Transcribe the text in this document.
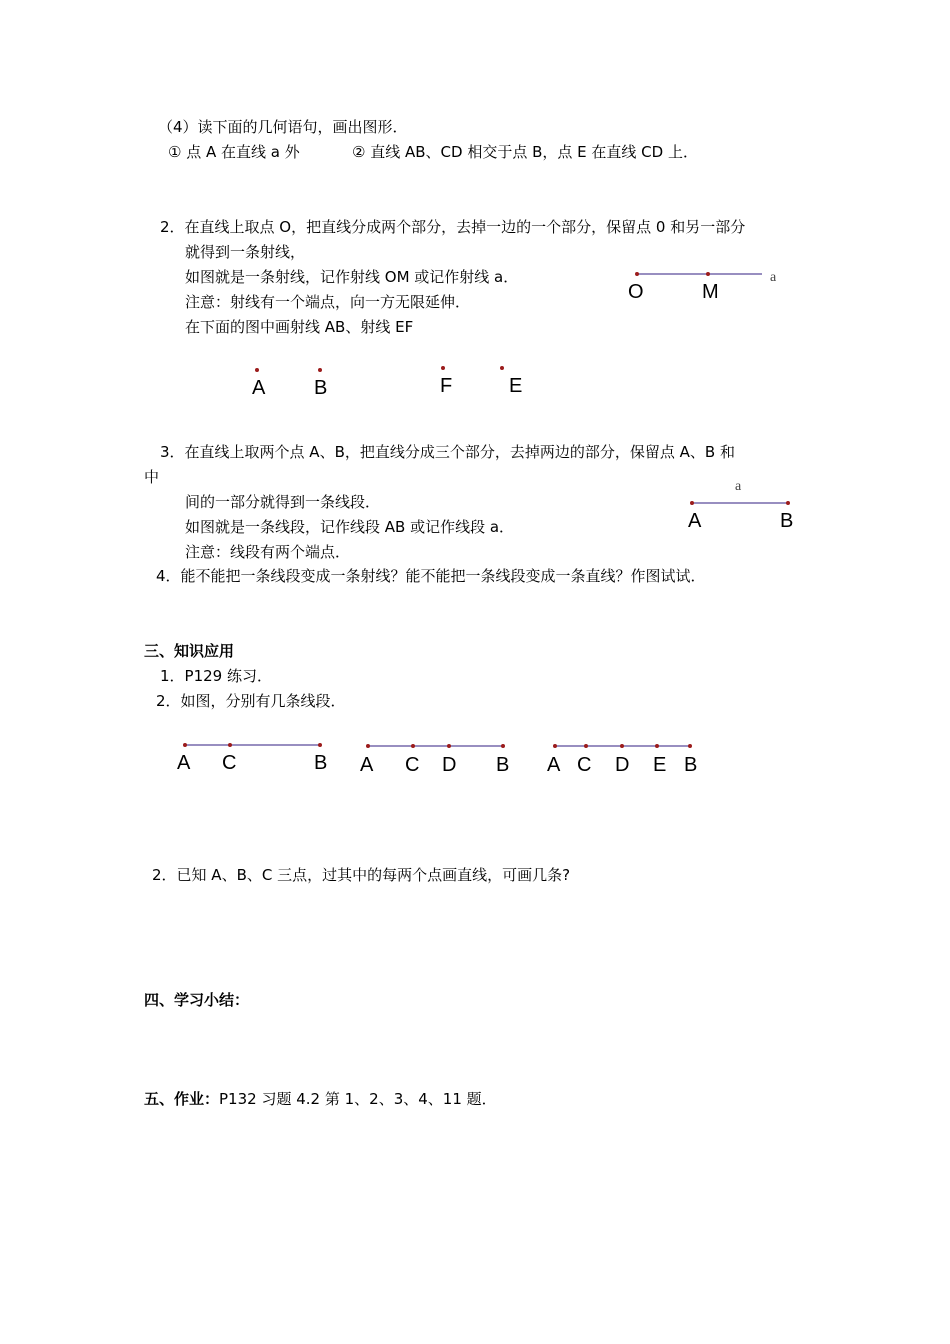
（4）读下面的几何语句，画出图形．
① 点 A 在直线 a 外	② 直线 AB、CD 相交于点 B，点 E 在直线 CD 上．
2．在直线上取点 O，把直线分成两个部分，去掉一边的一个部分，保留点 0 和另一部分
就得到一条射线，
如图就是一条射线，记作射线 OM 或记作射线 a．
注意：射线有一个端点，向一方无限延伸．
在下面的图中画射线 AB、射线 EF
O	M
a
A B	F	E
3．在直线上取两个点 A、B，把直线分成三个部分，去掉两边的部分，保留点 A、B 和
中
间的一部分就得到一条线段．
如图就是一条线段，记作线段 AB 或记作线段 a．
注意：线段有两个端点．
4．能不能把一条线段变成一条射线？能不能把一条线段变成一条直线？作图试试．
a
A	B
三、知识应用
1．P129 练习．
2．如图，分别有几条线段．
A C	B A C D B A C D E B
2．已知 A、B、C 三点，过其中的每两个点画直线，可画几条?
四、学习小结：
五、作业：P132 习题 4.2 第 1、2、3、4、11 题．
